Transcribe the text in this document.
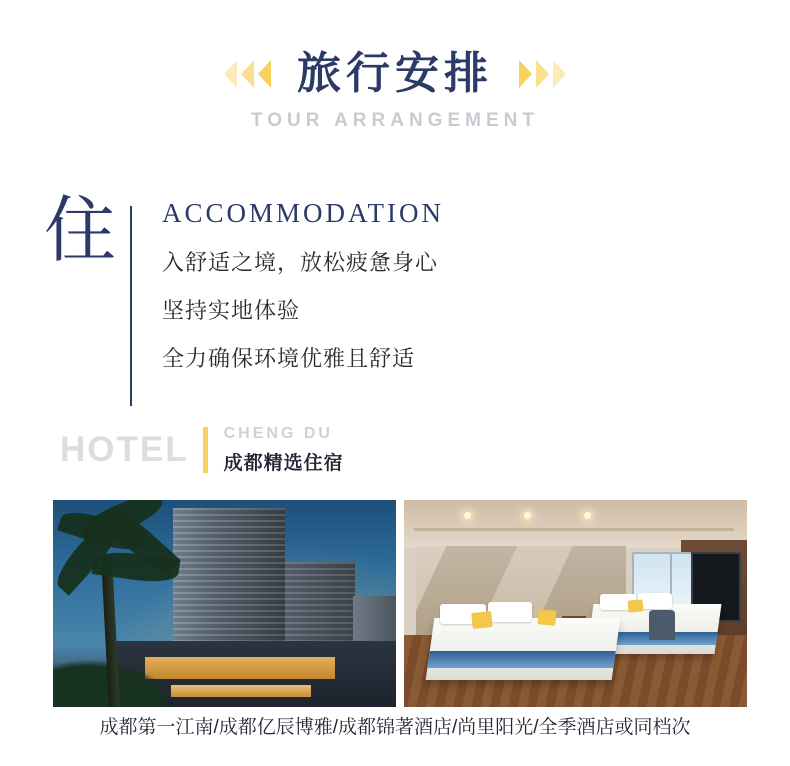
旅行安排
TOUR ARRANGEMENT
住	ACCOMMODATION
入舒适之境，放松疲惫身心
坚持实地体验
全力确保环境优雅且舒适
HOTEL CHENG DU
成都精选住宿
成都第一江南/成都亿辰博雅/成都锦著酒店/尚里阳光/全季酒店或同档次
